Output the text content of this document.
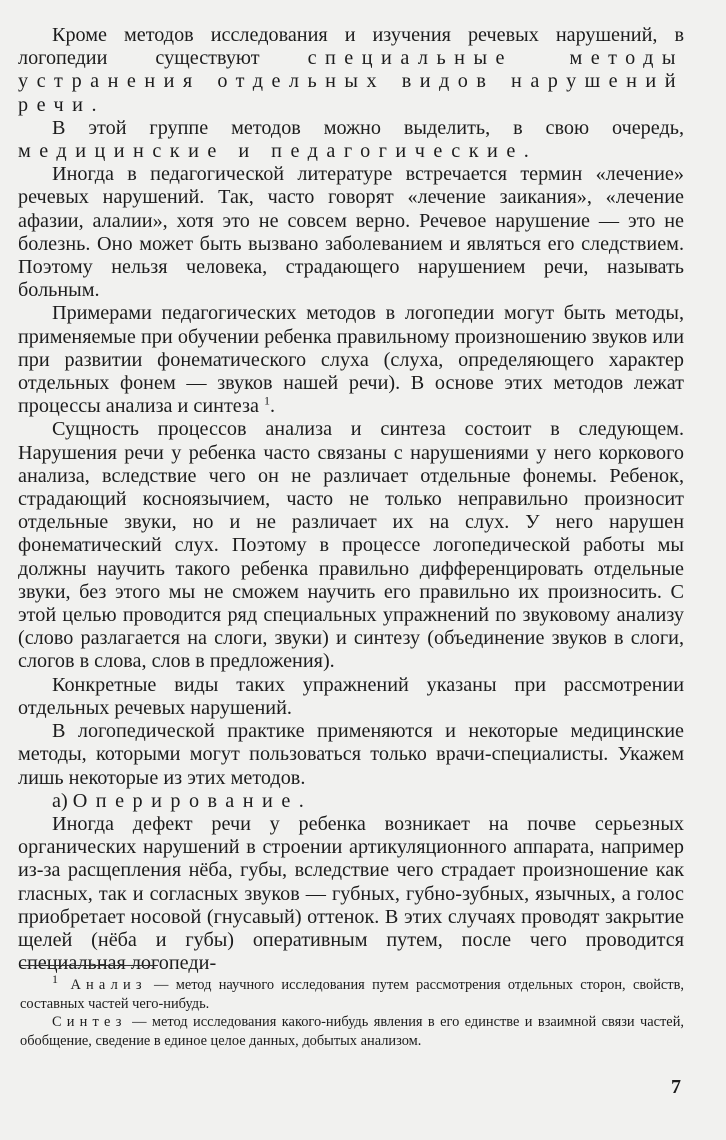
Кроме методов исследования и изучения речевых нарушений, в логопедии существуют специальные методы устранения отдельных видов нарушений речи.

В этой группе методов можно выделить, в свою очередь, медицинские и педагогические.

Иногда в педагогической литературе встречается термин «лечение» речевых нарушений. Так, часто говорят «лечение заикания», «лечение афазии, алалии», хотя это не совсем верно. Речевое нарушение — это не болезнь. Оно может быть вызвано заболеванием и являться его следствием. Поэтому нельзя человека, страдающего нарушением речи, называть больным.

Примерами педагогических методов в логопедии могут быть методы, применяемые при обучении ребенка правильному произношению звуков или при развитии фонематического слуха (слуха, определяющего характер отдельных фонем — звуков нашей речи). В основе этих методов лежат процессы анализа и синтеза $^1$.

Сущность процессов анализа и синтеза состоит в следующем. Нарушения речи у ребенка часто связаны с нарушениями у него коркового анализа, вследствие чего он не различает отдельные фонемы. Ребенок, страдающий косноязычием, часто не только неправильно произносит отдельные звуки, но и не различает их на слух. У него нарушен фонематический слух. Поэтому в процессе логопедической работы мы должны научить такого ребенка правильно дифференцировать отдельные звуки, без этого мы не сможем научить его правильно их произносить. С этой целью проводится ряд специальных упражнений по звуковому анализу (слово разлагается на слоги, звуки) и синтезу (объединение звуков в слоги, слогов в слова, слов в предложения).

Конкретные виды таких упражнений указаны при рассмотрении отдельных речевых нарушений.

В логопедической практике применяются и некоторые медицинские методы, которыми могут пользоваться только врачи-специалисты. Укажем лишь некоторые из этих методов.

а) Оперирование.

Иногда дефект речи у ребенка возникает на почве серьезных органических нарушений в строении артикуляционного аппарата, например из-за расщепления нёба, губы, вследствие чего страдает произношение как гласных, так и согласных звуков — губных, губно-зубных, язычных, а голос приобретает носовой (гнусавый) оттенок. В этих случаях проводят закрытие щелей (нёба и губы) оперативным путем, после чего проводится специальная логопеди-

$^1$ Анализ — метод научного исследования путем рассмотрения отдельных сторон, свойств, составных частей чего-нибудь.

Синтез — метод исследования какого-нибудь явления в его единстве и взаимной связи частей, обобщение, сведение в единое целое данных, добытых анализом.

7
